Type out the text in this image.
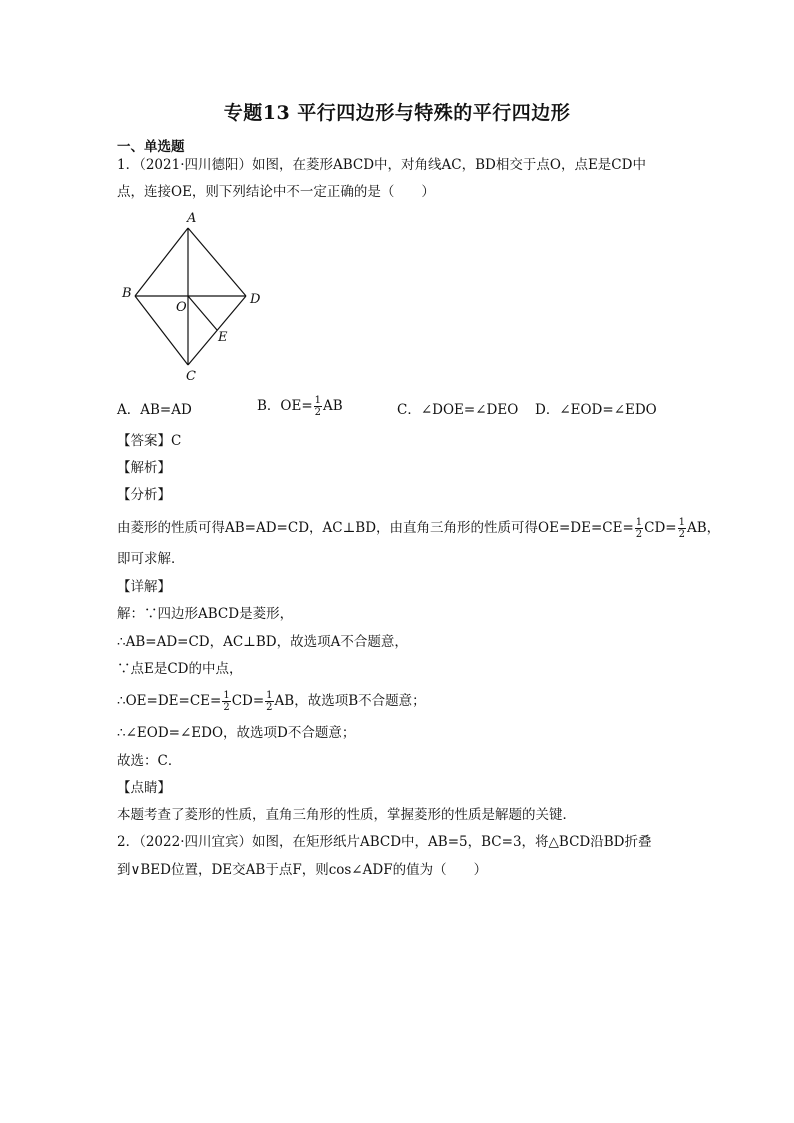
专题13 平行四边形与特殊的平行四边形
一、单选题
1．（2021·四川德阳）如图，在菱形ABCD中，对角线AC，BD相交于点O，点E是CD中
点，连接OE，则下列结论中不一定正确的是（　　）
A
B
O
D
E
C
A．AB=AD	B．$OE= \frac{1}{2}$ AB	C．∠DOE=∠DEO D．∠EOD=∠EDO
【答案】C
【解析】
【分析】
由菱形的性质可得AB=AD=CD，AC⊥BD，由直角三角形的性质可得$OE=DE=CE= \frac{1}{2} CD= \frac{1}{2}$ AB，
即可求解．
【详解】
解：∵四边形ABCD是菱形，
∴AB=AD=CD，AC⊥BD，故选项A不合题意，
∵点E是CD的中点，
∴OE=DE=CE= $\frac{1}{2} CD= \frac{1}{2}$ AB，故选项B不合题意；
∴∠EOD=∠EDO，故选项D不合题意；
故选：C．
【点睛】
本题考查了菱形的性质，直角三角形的性质，掌握菱形的性质是解题的关键．
2．（2022·四川宜宾）如图，在矩形纸片ABCD中，AB=5，BC=3，将△BCD沿BD折叠
到∨BED位置，DE交AB于点F，则cos∠ADF的值为（　　）
